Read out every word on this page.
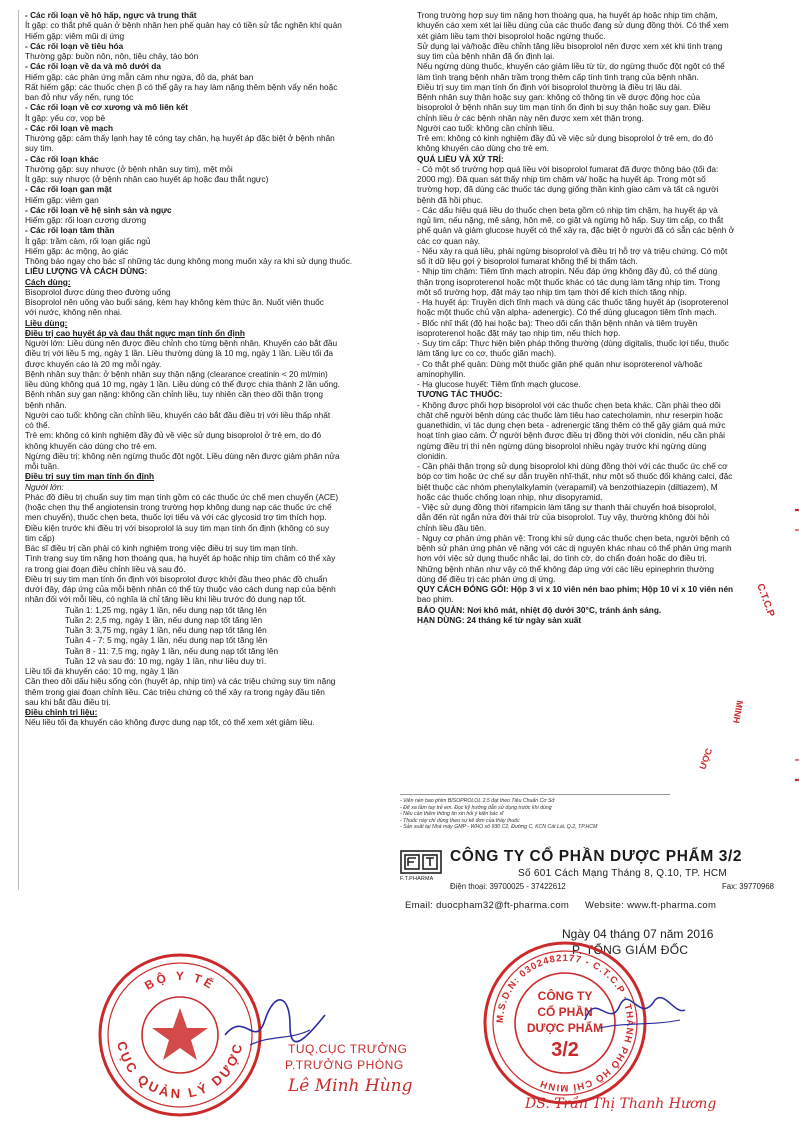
- Các rối loạn về hô hấp, ngực và trung thất
Ít gặp: co thắt phế quản ở bệnh nhân hen phế quản hay có tiền sử tắc nghẽn khí quản
Hiếm gặp: viêm mũi dị ứng
- Các rối loạn về tiêu hóa
Thường gặp: buồn nôn, nôn, tiêu chảy, táo bón
- Các rối loạn về da và mô dưới da
Hiếm gặp: các phản ứng mẫn cảm như ngứa, đỏ da, phát ban
Rất hiếm gặp: các thuốc chẹn β có thể gây ra hay làm nặng thêm bệnh vẩy nến hoặc
ban đỏ như vẩy nến, rụng tóc
- Các rối loạn về cơ xương và mô liên kết
Ít gặp: yếu cơ, vọp bẻ
- Các rối loạn về mạch
Thường gặp: cảm thấy lạnh hay tê cóng tay chân, hạ huyết áp đặc biệt ở bệnh nhân
suy tim.
- Các rối loạn khác
Thường gặp: suy nhược (ở bệnh nhân suy tim), mệt mỏi
Ít gặp: suy nhược (ở bệnh nhân cao huyết áp hoặc đau thắt ngực)
- Các rối loạn gan mật
Hiếm gặp: viêm gan
- Các rối loạn về hệ sinh sản và ngực
Hiếm gặp: rối loạn cương dương
- Các rối loạn tâm thần
Ít gặp: trầm cảm, rối loạn giấc ngủ
Hiếm gặp: ác mộng, ảo giác
Thông báo ngay cho bác sĩ những tác dụng không mong muốn xảy ra khi sử dụng thuốc.
LIỀU LƯỢNG VÀ CÁCH DÙNG:
Cách dùng:
Bisoprolol được dùng theo đường uống
Bisoprolol nên uống vào buổi sáng, kèm hay không kèm thức ăn. Nuốt viên thuốc
với nước, không nên nhai.
Liều dùng:
Điều trị cao huyết áp và đau thắt ngực mạn tính ổn định
Người lớn: Liều dùng nên được điều chỉnh cho từng bệnh nhân. Khuyến cáo bắt đầu
điều trị với liều 5 mg, ngày 1 lần. Liều thường dùng là 10 mg, ngày 1 lần. Liều tối đa
được khuyến cáo là 20 mg mỗi ngày.
Bệnh nhân suy thận: ở bệnh nhân suy thận nặng (clearance creatinin < 20 ml/min)
liều dùng không quá 10 mg, ngày 1 lần. Liều dùng có thể được chia thành 2 lần uống.
Bệnh nhân suy gan nặng: không cần chỉnh liều, tuy nhiên cần theo dõi thận trọng
bệnh nhân.
Người cao tuổi: không cần chỉnh liều, khuyến cáo bắt đầu điều trị với liều thấp nhất
có thể.
Trẻ em: không có kinh nghiệm đầy đủ về việc sử dụng bisoprolol ở trẻ em, do đó
không khuyến cáo dùng cho trẻ em.
Ngừng điều trị: không nên ngừng thuốc đột ngột. Liều dùng nên được giảm phân nửa
mỗi tuần.
Điều trị suy tim mạn tính ổn định
Người lớn:
Phác đồ điều trị chuẩn suy tim mạn tính gồm có các thuốc ức chế men chuyển (ACE)
(hoặc chẹn thụ thể angiotensin trong trường hợp không dung nạp các thuốc ức chế
men chuyển), thuốc chẹn beta, thuốc lợi tiểu và với các glycosid trợ tim thích hợp.
Điều kiện trước khi điều trị với bisoprolol là suy tim mạn tính ổn định (không có suy
tim cấp)
Bác sĩ điều trị cần phải có kinh nghiệm trong việc điều trị suy tim mạn tính.
Tình trạng suy tim nặng hơn thoáng qua, hạ huyết áp hoặc nhịp tim chậm có thể xảy
ra trong giai đoạn điều chỉnh liều và sau đó.
Điều trị suy tim mạn tính ổn định với bisoprolol được khởi đầu theo phác đồ chuẩn
dưới đây, đáp ứng của mỗi bệnh nhân có thể tùy thuộc vào cách dung nạp của bệnh
nhân đối với mỗi liều, có nghĩa là chỉ tăng liều khi liều trước đó dung nạp tốt.
Tuần 1: 1,25 mg, ngày 1 lần, nếu dung nạp tốt tăng lên
Tuần 2: 2,5 mg, ngày 1 lần, nếu dung nạp tốt tăng lên
Tuần 3: 3,75 mg, ngày 1 lần, nếu dung nạp tốt tăng lên
Tuần 4 - 7: 5 mg, ngày 1 lần, nếu dung nạp tốt tăng lên
Tuần 8 - 11: 7,5 mg, ngày 1 lần, nếu dung nạp tốt tăng lên
Tuần 12 và sau đó: 10 mg, ngày 1 lần, như liều duy trì.
Liều tối đa khuyến cáo: 10 mg, ngày 1 lần
Cần theo dõi dấu hiệu sống còn (huyết áp, nhịp tim) và các triệu chứng suy tim nặng
thêm trong giai đoạn chỉnh liều. Các triệu chứng có thể xảy ra trong ngày đầu tiên
sau khi bắt đầu điều trị.
Điều chỉnh trị liệu:
Nếu liều tối đa khuyến cáo không được dung nạp tốt, có thể xem xét giảm liều.
Trong trường hợp suy tim nặng hơn thoáng qua, hạ huyết áp hoặc nhịp tim chậm,
khuyến cáo xem xét lại liều dùng của các thuốc đang sử dụng đồng thời. Có thể xem
xét giảm liều tạm thời bisoprolol hoặc ngừng thuốc.
Sử dụng lại và/hoặc điều chỉnh tăng liều bisoprolol nên được xem xét khi tình trạng
suy tim của bệnh nhân đã ổn định lại.
Nếu ngừng dùng thuốc, khuyến cáo giảm liều từ từ, do ngừng thuốc đột ngột có thể
làm tình trạng bệnh nhân trầm trọng thêm cấp tính tình trạng của bệnh nhân.
Điều trị suy tim mạn tính ổn định với bisoprolol thường là điều trị lâu dài.
Bệnh nhân suy thận hoặc suy gan: không có thông tin về dược động học của
bisoprolol ở bệnh nhân suy tim mạn tính ổn định bị suy thận hoặc suy gan. Điều
chỉnh liều ở các bệnh nhân này nên được xem xét thận trọng.
Người cao tuổi: không cần chỉnh liều.
Trẻ em: không có kinh nghiệm đầy đủ về việc sử dụng bisoprolol ở trẻ em, do đó
không khuyến cáo dùng cho trẻ em.
QUÁ LIỀU VÀ XỬ TRÍ:
- Có một số trường hợp quá liều với bisoprolol fumarat đã được thông báo (tối đa:
2000 mg). Đã quan sát thấy nhịp tim chậm và/ hoặc hạ huyết áp. Trong một số
trường hợp, đã dùng các thuốc tác dụng giống thần kinh giao cảm và tất cả người
bệnh đã hồi phục.
- Các dấu hiệu quá liều do thuốc chẹn beta gồm có nhịp tim chậm, hạ huyết áp và
ngủ lim, nếu nặng, mê sảng, hôn mê, co giật và ngừng hô hấp. Suy tim cấp, co thắt
phế quản và giảm glucose huyết có thể xảy ra, đặc biệt ở người đã có sẵn các bệnh ở
các cơ quan này.
- Nếu xảy ra quá liều, phải ngừng bisoprolol và điều trị hỗ trợ và triệu chứng. Có một
số ít dữ liệu gợi ý bisoprolol fumarat không thể bị thẩm tách.
- Nhịp tim chậm: Tiêm tĩnh mạch atropin. Nếu đáp ứng không đầy đủ, có thể dùng
thận trọng isoproterenol hoặc một thuốc khác có tác dụng làm tăng nhịp tim. Trong
một số trường hợp, đặt máy tạo nhịp tim tạm thời để kích thích tăng nhịp.
- Hạ huyết áp: Truyền dịch tĩnh mạch và dùng các thuốc tăng huyết áp (isoproterenol
hoặc một thuốc chủ vận alpha- adenergic). Có thể dùng glucagon tiêm tĩnh mạch.
- Blốc nhĩ thất (độ hai hoặc ba): Theo dõi cẩn thận bệnh nhân và tiêm truyền
isoproterenol hoặc đặt máy tạo nhịp tim, nếu thích hợp.
- Suy tim cấp: Thực hiện biện pháp thông thường (dùng digitalis, thuốc lợi tiểu, thuốc
làm tăng lực co cơ, thuốc giãn mạch).
- Co thắt phế quản: Dùng một thuốc giãn phế quản như isoproterenol và/hoặc
aminophyllin.
- Hạ glucose huyết: Tiêm tĩnh mạch glucose.
TƯƠNG TÁC THUỐC:
- Không được phối hợp bisoprolol với các thuốc chẹn beta khác. Cần phải theo dõi
chặt chẽ người bệnh dùng các thuốc làm tiêu hao catecholamin, như reserpin hoặc
guanethidin, vì tác dụng chẹn beta - adrenergic tăng thêm có thể gây giảm quá mức
hoạt tính giao cảm. Ở người bệnh được điều trị đồng thời với clonidin, nếu cần phải
ngừng điều trị thì nên ngừng dùng bisoprolol nhiều ngày trước khi ngừng dùng
clonidin.
- Cần phải thận trọng sử dụng bisoprolol khi dùng đồng thời với các thuốc ức chế cơ
bóp cơ tim hoặc ức chế sự dẫn truyền nhĩ-thất, như một số thuốc đối kháng calci, đặc
biệt thuộc các nhóm phenylalkylamin (verapamil) và benzothiazepin (diltiazem), M
hoặc các thuốc chống loạn nhịp, như disopyramid.
- Việc sử dụng đồng thời rifampicin làm tăng sự thanh thải chuyển hoá bisoprolol,
dẫn đến rút ngắn nửa đời thải trừ của bisoprolol. Tuy vậy, thường không đòi hỏi
chỉnh liều đầu tiên.
- Nguy cơ phản ứng phản vệ: Trong khi sử dụng các thuốc chẹn beta, người bệnh có
bệnh sử phản ứng phản vệ nặng với các dị nguyên khác nhau có thể phản ứng mạnh
hơn với việc sử dụng thuốc nhắc lại, do tình cờ, do chẩn đoán hoặc do điều trị.
Những bệnh nhân như vậy có thể không đáp ứng với các liều epinephrin thường
dùng để điều trị các phản ứng dị ứng.
QUY CÁCH ĐÓNG GÓI: Hộp 3 vỉ x 10 viên nén bao phim; Hộp 10 vỉ x 10 viên nén
bao phim.
BẢO QUẢN: Nơi khô mát, nhiệt độ dưới 30°C, tránh ánh sáng.
HẠN DÙNG: 24 tháng kể từ ngày sản xuất
- Viên nén bao phim BISOPROLOL 2,5 đạt theo Tiêu Chuẩn Cơ Sở
- Để xa tầm tay trẻ em. Đọc kỹ hướng dẫn sử dụng trước khi dùng
- Nếu cần thêm thông tin xin hỏi ý kiến bác sĩ
- Thuốc này chỉ dùng theo sự kê đơn của thầy thuốc
- Sản xuất tại Nhà máy GMP - WHO số 930 C2, Đường C, KCN Cát Lái, Q.2, TP.HCM
F.T.PHARMA
CÔNG TY CỔ PHẦN DƯỢC PHẨM 3/2
Số 601 Cách Mạng Tháng 8, Q.10, TP. HCM
Điện thoại: 39700025 - 37422612	Fax: 39770968
Email: duocpham32@ft-pharma.com Website: www.ft-pharma.com
C.T.C.P
MINH
ƯỢC
Ngày 04 tháng 07 năm 2016
P. TỔNG GIÁM ĐỐC
BỘ Y TẾ
CỤC QUẢN LÝ DƯỢC	TUQ.CỤC TRƯỞNG
P.TRƯỞNG PHÒNG
Lê Minh Hùng
M.S.D.N: 0302482177 - C.T.C.P · THÀNH PHỐ HỒ CHÍ MINH
CÔNG TY
CỔ PHẦN
DƯỢC PHẨM
3/2
DS. Trần Thị Thanh Hương
